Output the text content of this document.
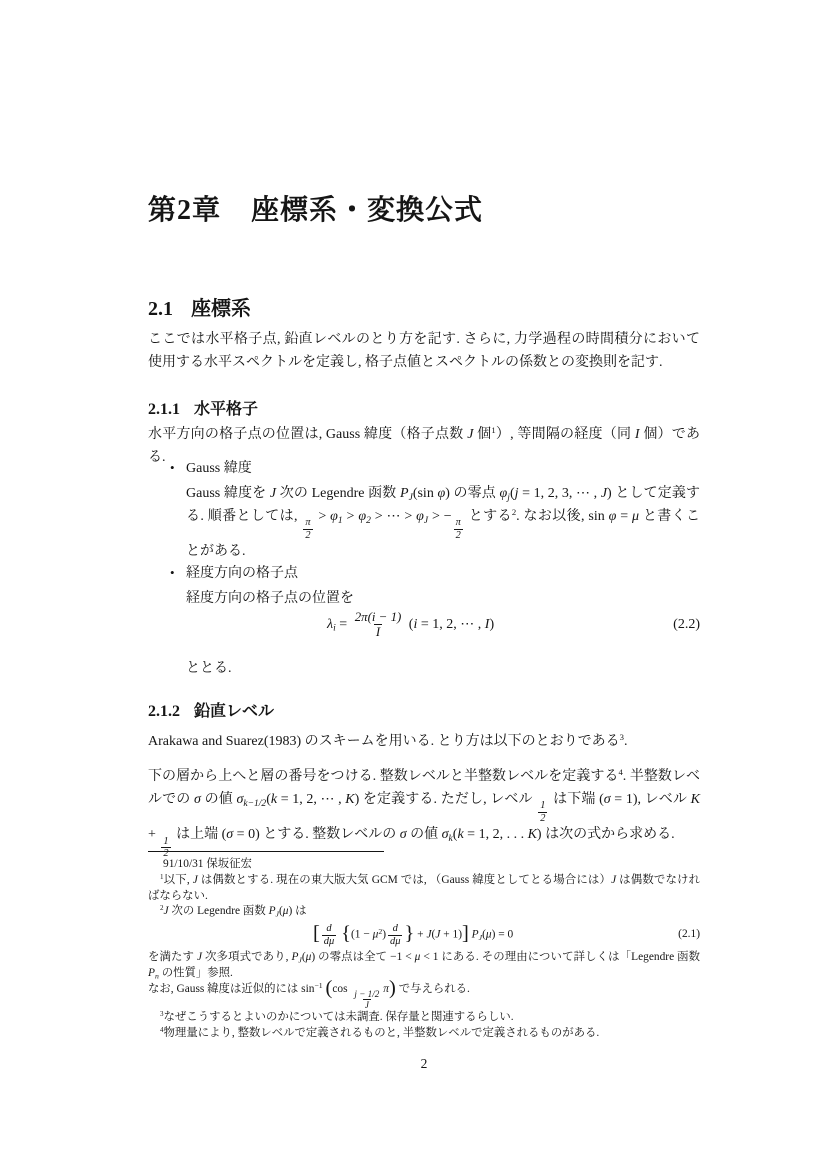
第2章 座標系・変換公式
2.1 座標系

ここでは水平格子点, 鉛直レベルのとり方を記す. さらに, 力学過程の時間積分において使用する水平スペクトルを定義し, 格子点値とスペクトルの係数との変換則を記す.

2.1.1 水平格子

水平方向の格子点の位置は, Gauss 緯度（格子点数 J 個$^1$）, 等間隔の経度（同 I 個）である.

• Gauss 緯度

Gauss 緯度を J 次の Legendre 函数 $P_J(\sin$ φ) の零点 $\varphi_j(j = 1$, 2, 3, ⋯ , J) として定義する. 順番としては,
$\frac{\pi}{2}$
> $\varphi_1 > \varphi_2$ > ⋯ > $\varphi_J$ > −
$\frac{\pi}{2}$
とする$^2$. なお以後, sin φ = μ と書くことがある.

• 経度方向の格子点

経度方向の格子点の位置を

$\lambda_i = \frac{2\pi(i - 1)}{I} (i = 1$, 2, ⋯ , I)	(2.2)

ととる.

2.1.2 鉛直レベル

Arakawa and Suarez(1983) のスキームを用いる. とり方は以下のとおりである$^3$.

下の層から上へと層の番号をつける. 整数レベルと半整数レベルを定義する$^4$. 半整数レベルでの σ の値 $\sigma_{k-1/2}(k = 1$, 2, ⋯ , K) を定義する. ただし, レベル
$\frac{1}{2}$
は下端 (σ = 1), レベル K +
$\frac{1}{2}$
は上端 (σ = 0) とする. 整数レベルの σ の値 $\sigma_k(k = 1$, 2, . . . K) は次の式から求める.

91/10/31 保坂征宏

$^1$以下, J は偶数とする. 現在の東大版大気 GCM では, （Gauss 緯度としてとる場合には）J は偶数でなければならない.

$^2$J 次の Legendre 函数 $P_J(\mu)$ は

[ $\frac{d}{d\mu} \{(1 - \mu^2) \frac{d}{d\mu}$ } + J(J + 1)] $P_J(\mu) = 0$	(2.1)

を満たす J 次多項式であり, $P_J(\mu)$ の零点は全て −1 < μ < 1 にある. その理由について詳しくは「Legendre 函数 $P_n$ の性質」参照.

なお, Gauss 緯度は近似的には $\sin^{-1} (\cos$
$\frac{j - 1/2}{J}$
π) で与えられる.

$^3$なぜこうするとよいのかについては未調査. 保存量と関連するらしい.

$^4$物理量により, 整数レベルで定義されるものと, 半整数レベルで定義されるものがある.

2
